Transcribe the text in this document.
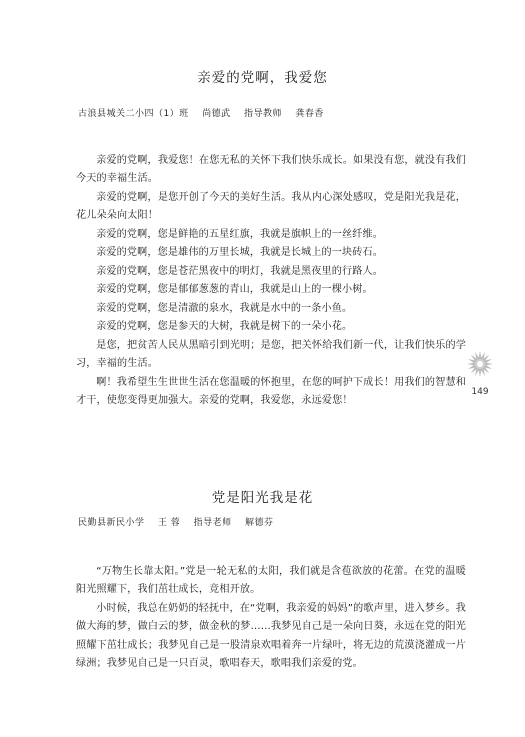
亲爱的党啊，我爱您
古浪县城关二小四（1）班 尚德武 指导教师 龚春香

亲爱的党啊，我爱您！在您无私的关怀下我们快乐成长。如果没有您，就没有我们今天的幸福生活。

亲爱的党啊，是您开创了今天的美好生活。我从内心深处感叹，党是阳光我是花，花儿朵朵向太阳！

亲爱的党啊，您是鲜艳的五星红旗，我就是旗帜上的一丝纤维。

亲爱的党啊，您是雄伟的万里长城，我就是长城上的一块砖石。

亲爱的党啊，您是苍茫黑夜中的明灯，我就是黑夜里的行路人。

亲爱的党啊，您是郁郁葱葱的青山，我就是山上的一棵小树。

亲爱的党啊，您是清澈的泉水，我就是水中的一条小鱼。

亲爱的党啊，您是参天的大树，我就是树下的一朵小花。

是您，把贫苦人民从黑暗引到光明；是您，把关怀给我们新一代，让我们快乐的学习，幸福的生活。

啊！我希望生生世世生活在您温暖的怀抱里，在您的呵护下成长！用我们的智慧和才干，使您变得更加强大。亲爱的党啊，我爱您，永远爱您！

149
党是阳光我是花
民勤县新民小学 王 蓉 指导老师 解德芬

“万物生长靠太阳。”党是一轮无私的太阳，我们就是含苞欲放的花蕾。在党的温暖阳光照耀下，我们茁壮成长，竞相开放。

小时候，我总在奶奶的轻抚中，在“党啊，我亲爱的妈妈”的歌声里，进入梦乡。我做大海的梦，做白云的梦，做金秋的梦……我梦见自己是一朵向日葵，永远在党的阳光照耀下茁壮成长；我梦见自己是一股清泉欢唱着奔一片绿叶，将无边的荒漠浇灌成一片绿洲；我梦见自己是一只百灵，歌唱春天，歌唱我们亲爱的党。
